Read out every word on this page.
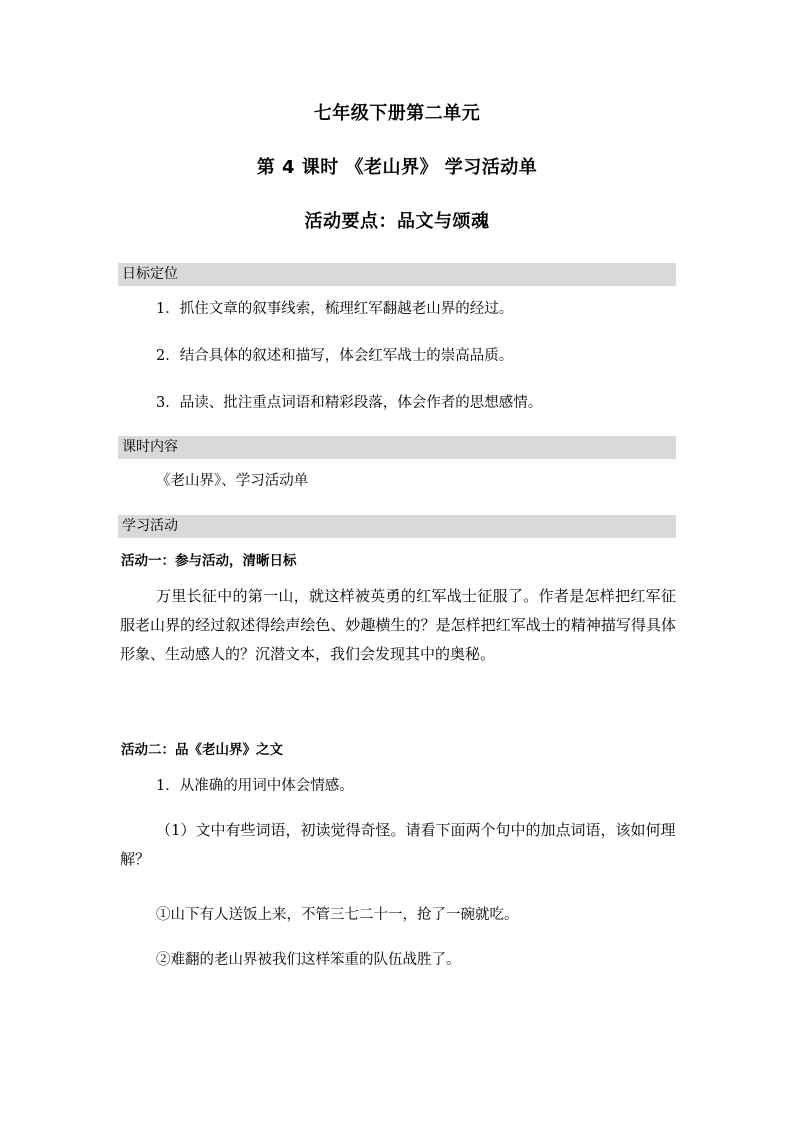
七年级下册第二单元
第 4 课时 《老山界》 学习活动单
活动要点：品文与颂魂
日标定位
1．抓住文章的叙事线索，梳理红军翻越老山界的经过。
2．结合具体的叙述和描写，体会红军战士的崇高品质。
3．品读、批注重点词语和精彩段落，体会作者的思想感情。
课时内容
《老山界》、学习活动单
学习活动
活动一：参与活动，清晰日标

万里长征中的第一山，就这样被英勇的红军战士征服了。作者是怎样把红军征服老山界的经过叙述得绘声绘色、妙趣横生的？是怎样把红军战士的精神描写得具体形象、生动感人的？沉潜文本，我们会发现其中的奥秘。

活动二：品《老山界》之文
1．从准确的用词中体会情感。

（1）文中有些词语，初读觉得奇怪。请看下面两个句中的加点词语，该如何理解？

①山下有人送饭上来，不管三七二十一，抢了一碗就吃。
②难翻的老山界被我们这样笨重的队伍战胜了。
